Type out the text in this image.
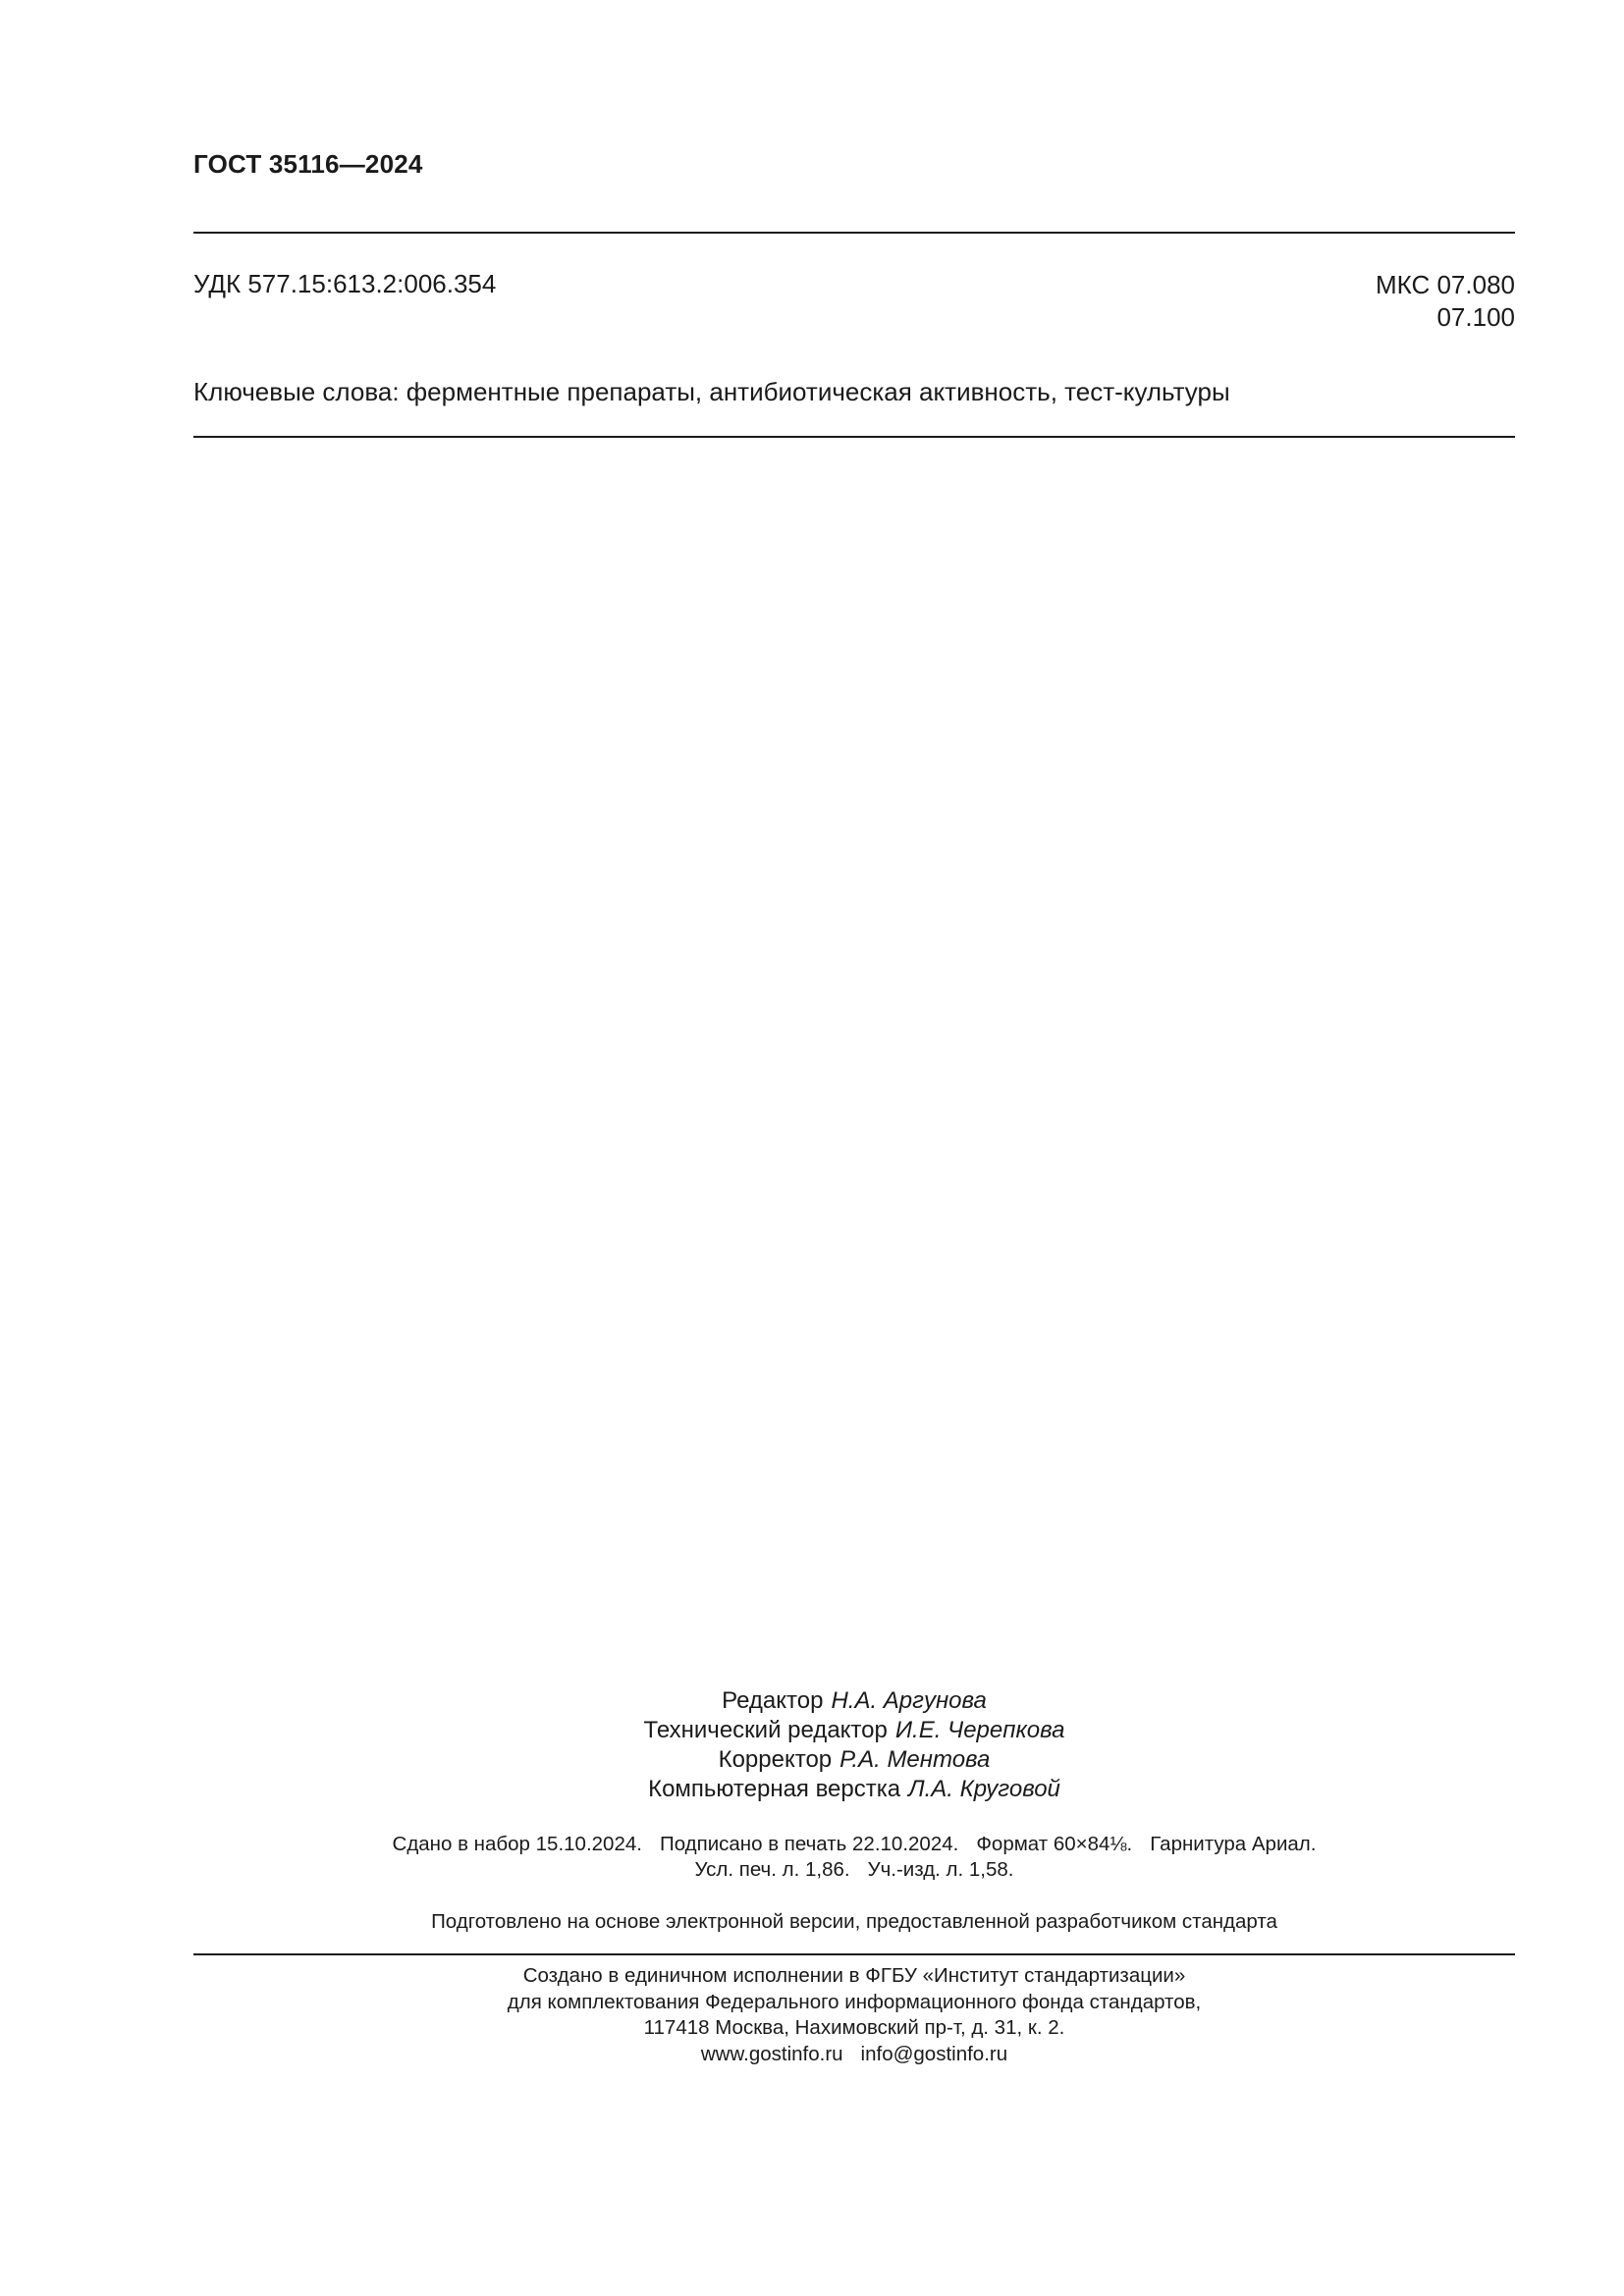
ГОСТ 35116—2024
УДК 577.15:613.2:006.354	МКС 07.080
07.100
Ключевые слова: ферментные препараты, антибиотическая активность, тест-культуры
Редактор Н.А. Аргунова
Технический редактор И.Е. Черепкова
Корректор Р.А. Ментова
Компьютерная верстка Л.А. Круговой
Сдано в набор 15.10.2024. Подписано в печать 22.10.2024. Формат 60×84⅛. Гарнитура Ариал.
Усл. печ. л. 1,86. Уч.-изд. л. 1,58.
Подготовлено на основе электронной версии, предоставленной разработчиком стандарта
Создано в единичном исполнении в ФГБУ «Институт стандартизации»
для комплектования Федерального информационного фонда стандартов,
117418 Москва, Нахимовский пр-т, д. 31, к. 2.
www.gostinfo.ru info@gostinfo.ru
